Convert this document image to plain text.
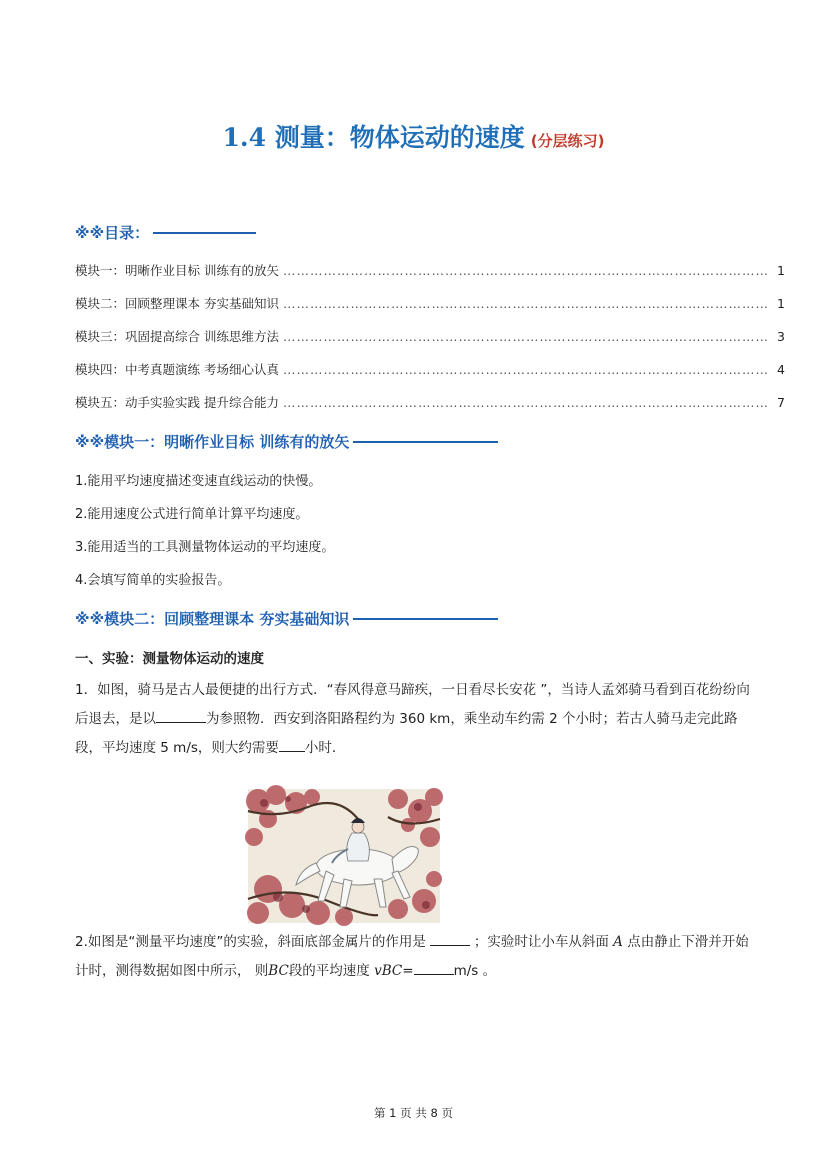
1.4 测量：物体运动的速度 (分层练习)
※※目录：
模块一：明晰作业目标 训练有的放矢 ……………………………………………………………………………………………… 1
模块二：回顾整理课本 夯实基础知识 ……………………………………………………………………………………………… 1
模块三：巩固提高综合 训练思维方法 ……………………………………………………………………………………………… 3
模块四：中考真题演练 考场细心认真 ……………………………………………………………………………………………… 4
模块五：动手实验实践 提升综合能力 ……………………………………………………………………………………………… 7
※※模块一：明晰作业目标 训练有的放矢
1.能用平均速度描述变速直线运动的快慢。
2.能用速度公式进行简单计算平均速度。
3.能用适当的工具测量物体运动的平均速度。
4.会填写简单的实验报告。
※※模块二：回顾整理课本 夯实基础知识
一、实验：测量物体运动的速度
1．如图，骑马是古人最便捷的出行方式．“春风得意马蹄疾，一日看尽长安花 ”，当诗人孟郊骑马看到百花纷纷向后退去，是以	为参照物．西安到洛阳路程约为 360 km，乘坐动车约需 2 个小时；若古人骑马走完此路段，平均速度 5 m/s，则大约需要 小时．
2.如图是“测量平均速度”的实验，斜面底部金属片的作用是	；实验时让小车从斜面 A 点由静止下滑并开始计时，测得数据如图中所示， 则BC段的平均速度 vBC=	m/s 。
第 1 页 共 8 页
